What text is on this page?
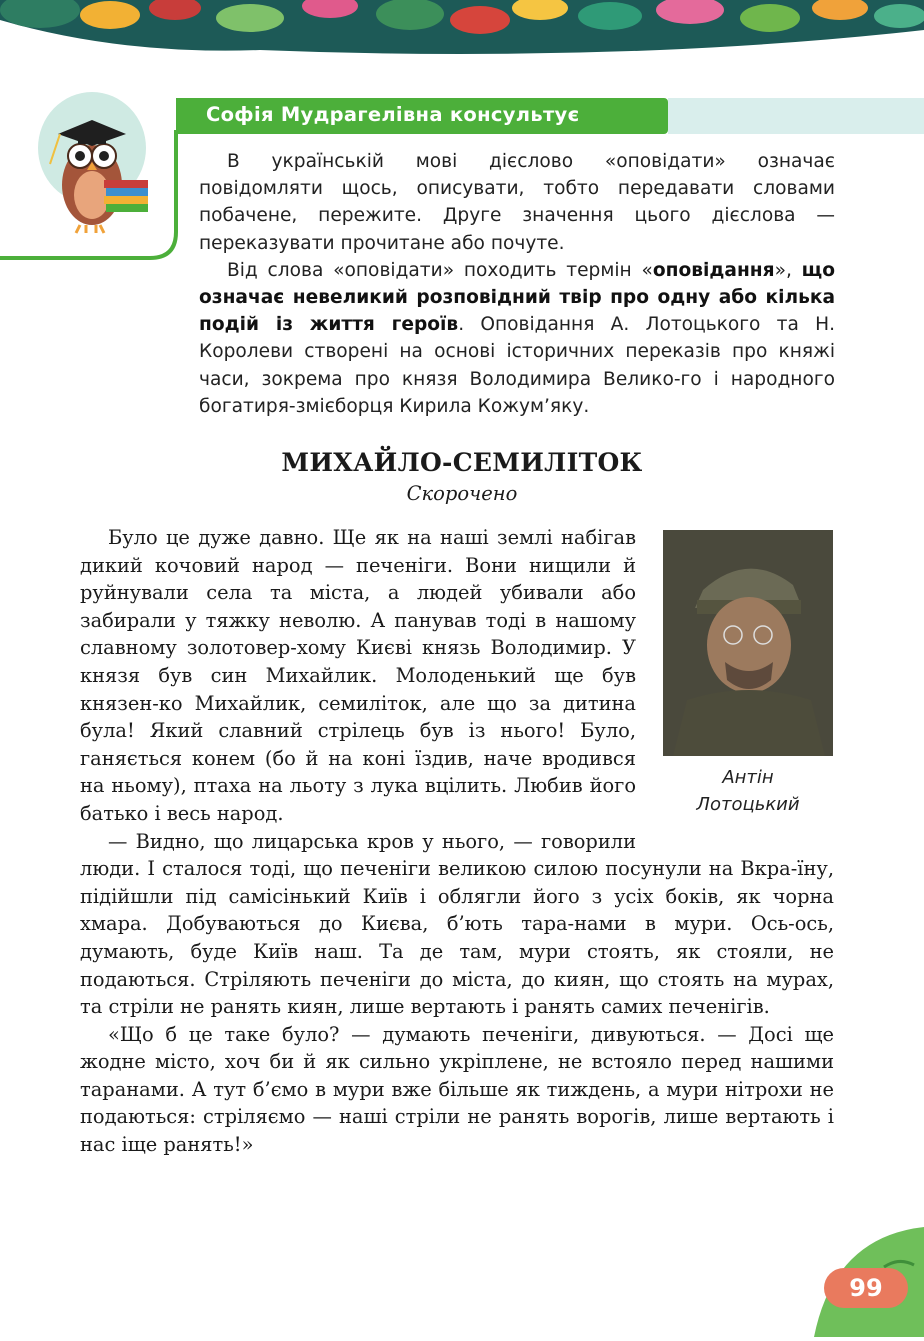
Софія Мудрагелівна консультує

В українській мові дієслово «оповідати» означає повідомляти щось, описувати, тобто передавати словами побачене, пережите. Друге значення цього дієслова — переказувати прочитане або почуте.

Від слова «оповідати» походить термін «оповідання», що означає невеликий розповідний твір про одну або кілька подій із життя героїв. Оповідання А. Лотоцького та Н. Королеви створені на основі історичних переказів про княжі часи, зокрема про князя Володимира Велико-го і народного богатиря-змієборця Кирила Кожум’яку.

МИХАЙЛО-СЕМИЛІТОК
Скорочено
Антін
Лотоцький

Було це дуже давно. Ще як на наші землі набігав дикий кочовий народ — печеніги. Вони нищили й руйнували села та міста, а людей убивали або забирали у тяжку неволю. А панував тоді в нашому славному золотовер-хому Києві князь Володимир. У князя був син Михайлик. Молоденький ще був князен-ко Михайлик, семиліток, але що за дитина була! Який славний стрілець був із нього! Було, ганяється конем (бо й на коні їздив, наче вродився на ньому), птаха на льоту з лука вцілить. Любив його батько і весь народ.

— Видно, що лицарська кров у нього, — говорили люди. І сталося тоді, що печеніги великою силою посунули на Вкра-їну, підійшли під самісінький Київ і облягли його з усіх боків, як чорна хмара. Добуваються до Києва, б’ють тара-нами в мури. Ось-ось, думають, буде Київ наш. Та де там, мури стоять, як стояли, не подаються. Стріляють печеніги до міста, до киян, що стоять на мурах, та стріли не ранять киян, лише вертають і ранять самих печенігів.

«Що б це таке було? — думають печеніги, дивуються. — Досі ще жодне місто, хоч би й як сильно укріплене, не встояло перед нашими таранами. А тут б’ємо в мури вже більше як тиждень, а мури нітрохи не подаються: стріляємо — наші стріли не ранять ворогів, лише вертають і нас іще ранять!»

99
